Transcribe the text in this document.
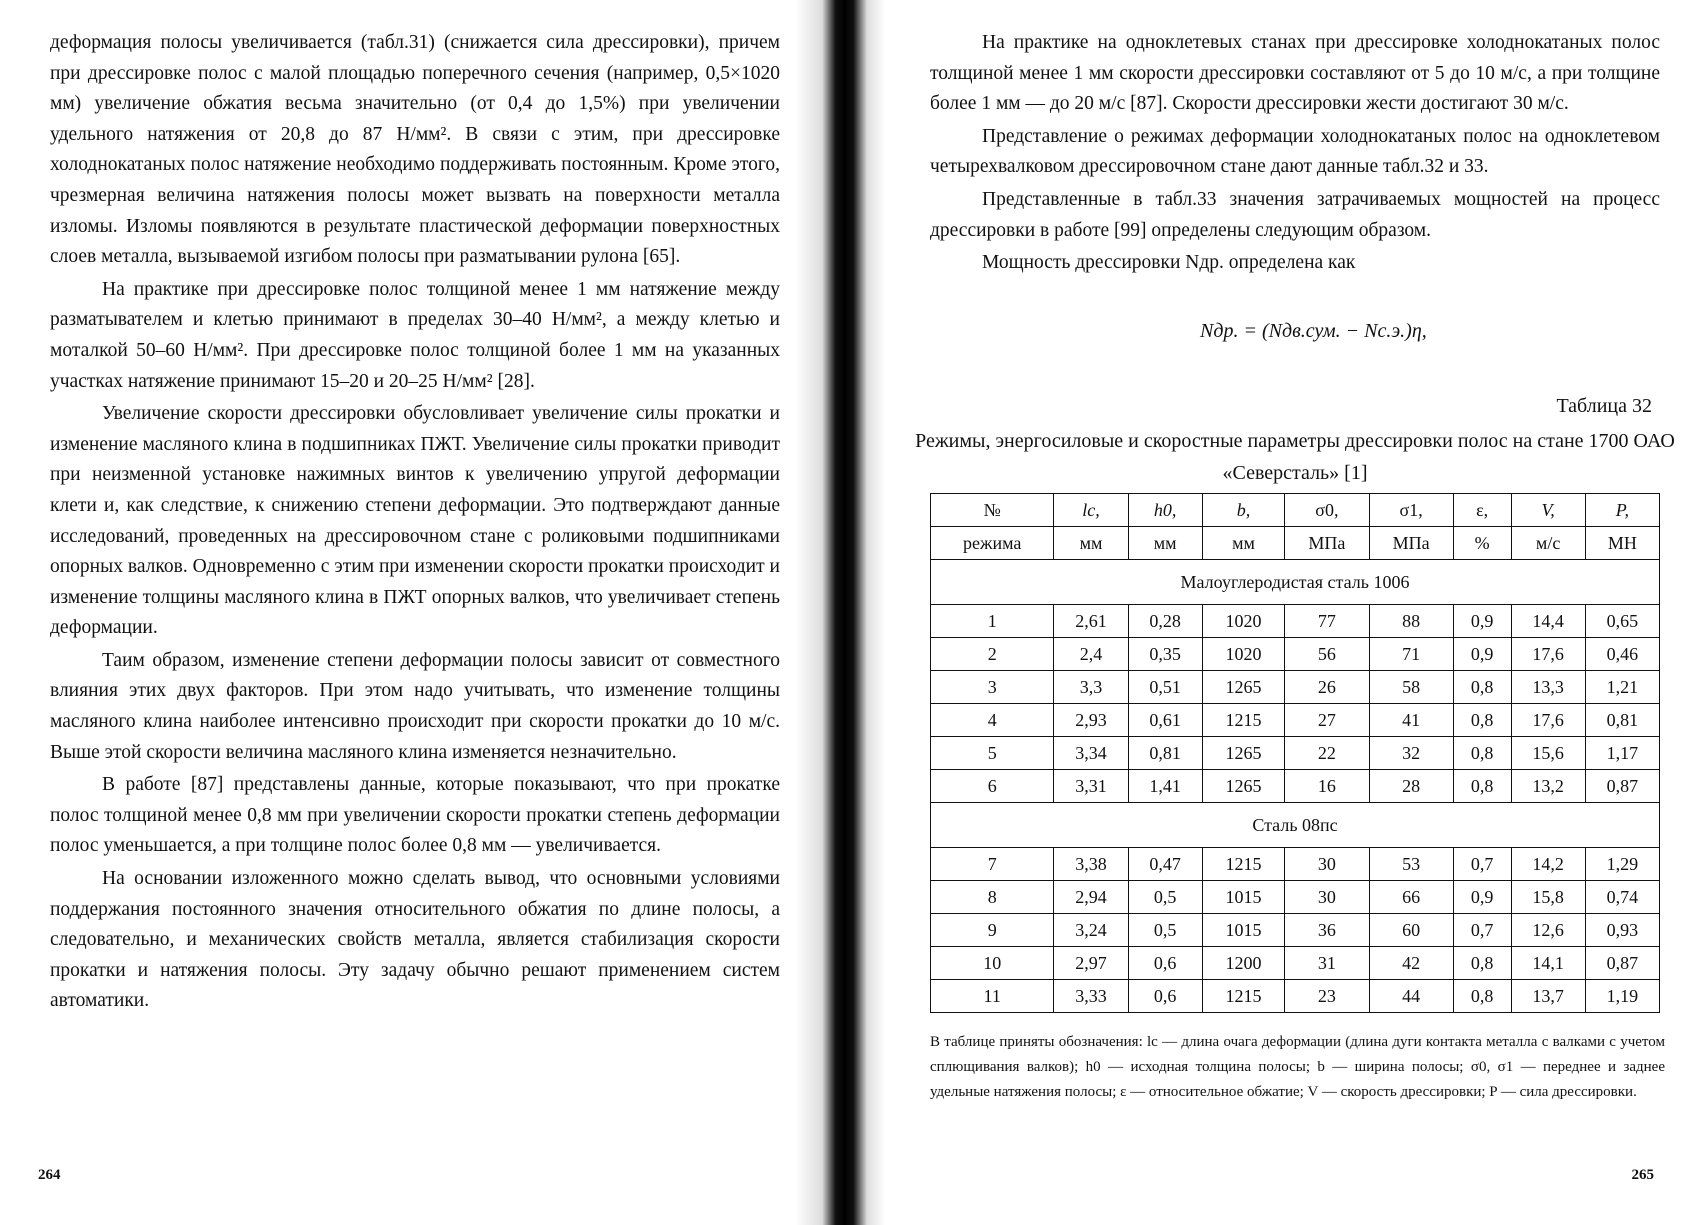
деформация полосы увеличивается (табл.31) (снижается сила дрессировки), причем при дрессировке полос с малой площадью поперечного сечения (например, 0,5×1020 мм) увеличение обжатия весьма значительно (от 0,4 до 1,5%) при увеличении удельного натяжения от 20,8 до 87 Н/мм². В связи с этим, при дрессировке холоднокатаных полос натяжение необходимо поддерживать постоянным. Кроме этого, чрезмерная величина натяжения полосы может вызвать на поверхности металла изломы. Изломы появляются в результате пластической деформации поверхностных слоев металла, вызываемой изгибом полосы при разматывании рулона [65].

На практике при дрессировке полос толщиной менее 1 мм натяжение между разматывателем и клетью принимают в пределах 30–40 Н/мм², а между клетью и моталкой 50–60 Н/мм². При дрессировке полос толщиной более 1 мм на указанных участках натяжение принимают 15–20 и 20–25 Н/мм² [28].

Увеличение скорости дрессировки обусловливает увеличение силы прокатки и изменение масляного клина в подшипниках ПЖТ. Увеличение силы прокатки приводит при неизменной установке нажимных винтов к увеличению упругой деформации клети и, как следствие, к снижению степени деформации. Это подтверждают данные исследований, проведенных на дрессировочном стане с роликовыми подшипниками опорных валков. Одновременно с этим при изменении скорости прокатки происходит и изменение толщины масляного клина в ПЖТ опорных валков, что увеличивает степень деформации.

Таим образом, изменение степени деформации полосы зависит от совместного влияния этих двух факторов. При этом надо учитывать, что изменение толщины масляного клина наиболее интенсивно происходит при скорости прокатки до 10 м/с. Выше этой скорости величина масляного клина изменяется незначительно.

В работе [87] представлены данные, которые показывают, что при прокатке полос толщиной менее 0,8 мм при увеличении скорости прокатки степень деформации полос уменьшается, а при толщине полос более 0,8 мм — увеличивается.

На основании изложенного можно сделать вывод, что основными условиями поддержания постоянного значения относительного обжатия по длине полосы, а следовательно, и механических свойств металла, является стабилизация скорости прокатки и натяжения полосы. Эту задачу обычно решают применением систем автоматики.

264

На практике на одноклетевых станах при дрессировке холоднокатаных полос толщиной менее 1 мм скорости дрессировки составляют от 5 до 10 м/с, а при толщине более 1 мм — до 20 м/с [87]. Скорости дрессировки жести достигают 30 м/с.

Представление о режимах деформации холоднокатаных полос на одноклетевом четырехвалковом дрессировочном стане дают данные табл.32 и 33.

Представленные в табл.33 значения затрачиваемых мощностей на процесс дрессировки в работе [99] определены следующим образом.

Мощность дрессировки Nдр. определена как

Nдр. = (Nдв.сум. − Nс.э.)η,
Таблица 32
Режимы, энергосиловые и скоростные параметры дрессировки полос на стане 1700 ОАО «Северсталь» [1]
№	lc,	h0,	b,	σ0,	σ1,	ε,	V,	P,
режима	мм	мм	мм	МПа	МПа	%	м/с	МН
Малоуглеродистая сталь 1006								
1	2,61	0,28	1020	77	88	0,9	14,4	0,65
2	2,4	0,35	1020	56	71	0,9	17,6	0,46
3	3,3	0,51	1265	26	58	0,8	13,3	1,21
4	2,93	0,61	1215	27	41	0,8	17,6	0,81
5	3,34	0,81	1265	22	32	0,8	15,6	1,17
6	3,31	1,41	1265	16	28	0,8	13,2	0,87
Сталь 08пс								
7	3,38	0,47	1215	30	53	0,7	14,2	1,29
8	2,94	0,5	1015	30	66	0,9	15,8	0,74
9	3,24	0,5	1015	36	60	0,7	12,6	0,93
10	2,97	0,6	1200	31	42	0,8	14,1	0,87
11	3,33	0,6	1215	23	44	0,8	13,7	1,19
В таблице приняты обозначения: lc — длина очага деформации (длина дуги контакта металла с валками с учетом сплющивания валков); h0 — исходная толщина полосы; b — ширина полосы; σ0, σ1 — переднее и заднее удельные натяжения полосы; ε — относительное обжатие; V — скорость дрессировки; P — сила дрессировки.
265
